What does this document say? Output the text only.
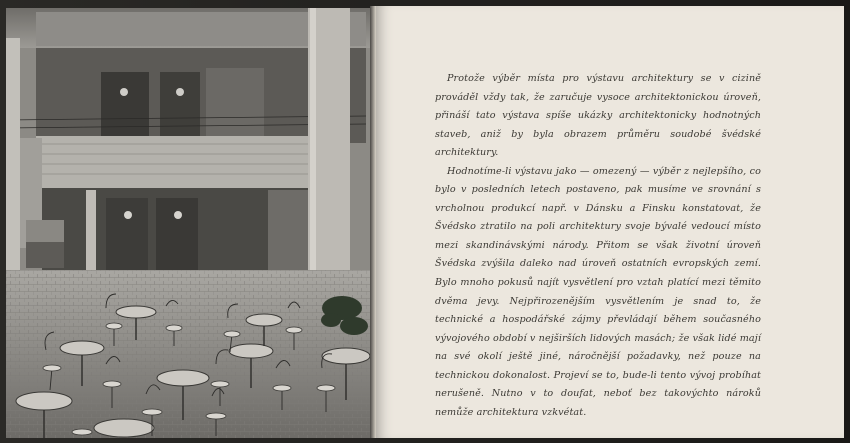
Protože výběr místa pro výstavu architektury se v cizině prováděl vždy tak, že zaručuje vysoce architektonickou úroveň, přináší tato výstava spíše ukázky architektonicky hodnotných staveb, aniž by byla obrazem průměru soudobé švédské architektury.

Hodnotíme-li výstavu jako — omezený — výběr z nejlepšího, co bylo v posledních letech postaveno, pak musíme ve srovnání s vrcholnou produkcí např. v Dánsku a Finsku konstatovat, že Švédsko ztratilo na poli architektury svoje bývalé vedoucí místo mezi skandinávskými národy. Přitom se však životní úroveň Švédska zvýšila daleko nad úroveň ostatních evropských zemí. Bylo mnoho pokusů najít vysvětlení pro vztah platící mezi těmito dvěma jevy. Nejpřirozenějším vysvětlením je snad to, že technické a hospodářské zájmy převládají během současného vývojového období v nejširších lidových masách; že však lidé mají na své okolí ještě jiné, náročnější požadavky, než pouze na technickou dokonalost. Projeví se to, bude-li tento vývoj probíhat nerušeně. Nutno v to doufat, neboť bez takovýchto nároků nemůže architektura vzkvétat.
